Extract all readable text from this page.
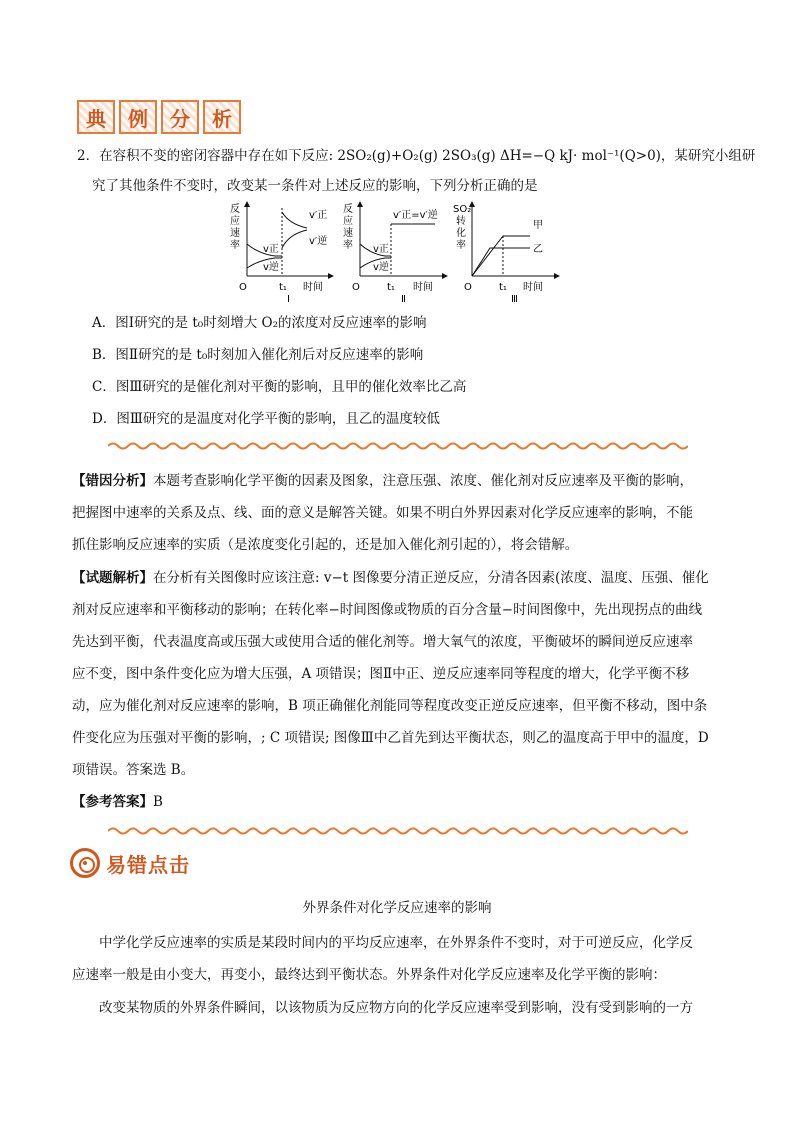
典	例	分	析
2．在容积不变的密闭容器中存在如下反应: 2SO₂(g)+O₂(g) 2SO₃(g) ΔH=−Q kJ· mol⁻¹(Q>0)，某研究小组研
究了其他条件不变时，改变某一条件对上述反应的影响，下列分析正确的是
反
应
速
率 v正
v逆
v′正
v′逆
O	t₁ 时间
Ⅰ
反
应
速
率 v正
v逆
v′正=v′逆
O	t₁ 时间
Ⅱ
SO₂
转
化
率
甲
乙
O	t₁ 时间
Ⅲ
A．图Ⅰ研究的是 t₀时刻增大 O₂的浓度对反应速率的影响
B．图Ⅱ研究的是 t₀时刻加入催化剂后对反应速率的影响
C．图Ⅲ研究的是催化剂对平衡的影响，且甲的催化效率比乙高
D．图Ⅲ研究的是温度对化学平衡的影响，且乙的温度较低
【错因分析】本题考查影响化学平衡的因素及图象，注意压强、浓度、催化剂对反应速率及平衡的影响，
把握图中速率的关系及点、线、面的意义是解答关键。如果不明白外界因素对化学反应速率的影响，不能
抓住影响反应速率的实质（是浓度变化引起的，还是加入催化剂引起的），将会错解。
【试题解析】在分析有关图像时应该注意: v−t 图像要分清正逆反应，分清各因素(浓度、温度、压强、催化
剂对反应速率和平衡移动的影响；在转化率−时间图像或物质的百分含量−时间图像中，先出现拐点的曲线
先达到平衡，代表温度高或压强大或使用合适的催化剂等。增大氧气的浓度，平衡破坏的瞬间逆反应速率
应不变，图中条件变化应为增大压强，A 项错误；图Ⅱ中正、逆反应速率同等程度的增大，化学平衡不移
动，应为催化剂对反应速率的影响，B 项正确催化剂能同等程度改变正逆反应速率，但平衡不移动，图中条
件变化应为压强对平衡的影响，; C 项错误; 图像Ⅲ中乙首先到达平衡状态，则乙的温度高于甲中的温度，D
项错误。答案选 B。
【参考答案】B
易错点击
外界条件对化学反应速率的影响
中学化学反应速率的实质是某段时间内的平均反应速率，在外界条件不变时，对于可逆反应，化学反
应速率一般是由小变大，再变小，最终达到平衡状态。外界条件对化学反应速率及化学平衡的影响：
改变某物质的外界条件瞬间，以该物质为反应物方向的化学反应速率受到影响，没有受到影响的一方
